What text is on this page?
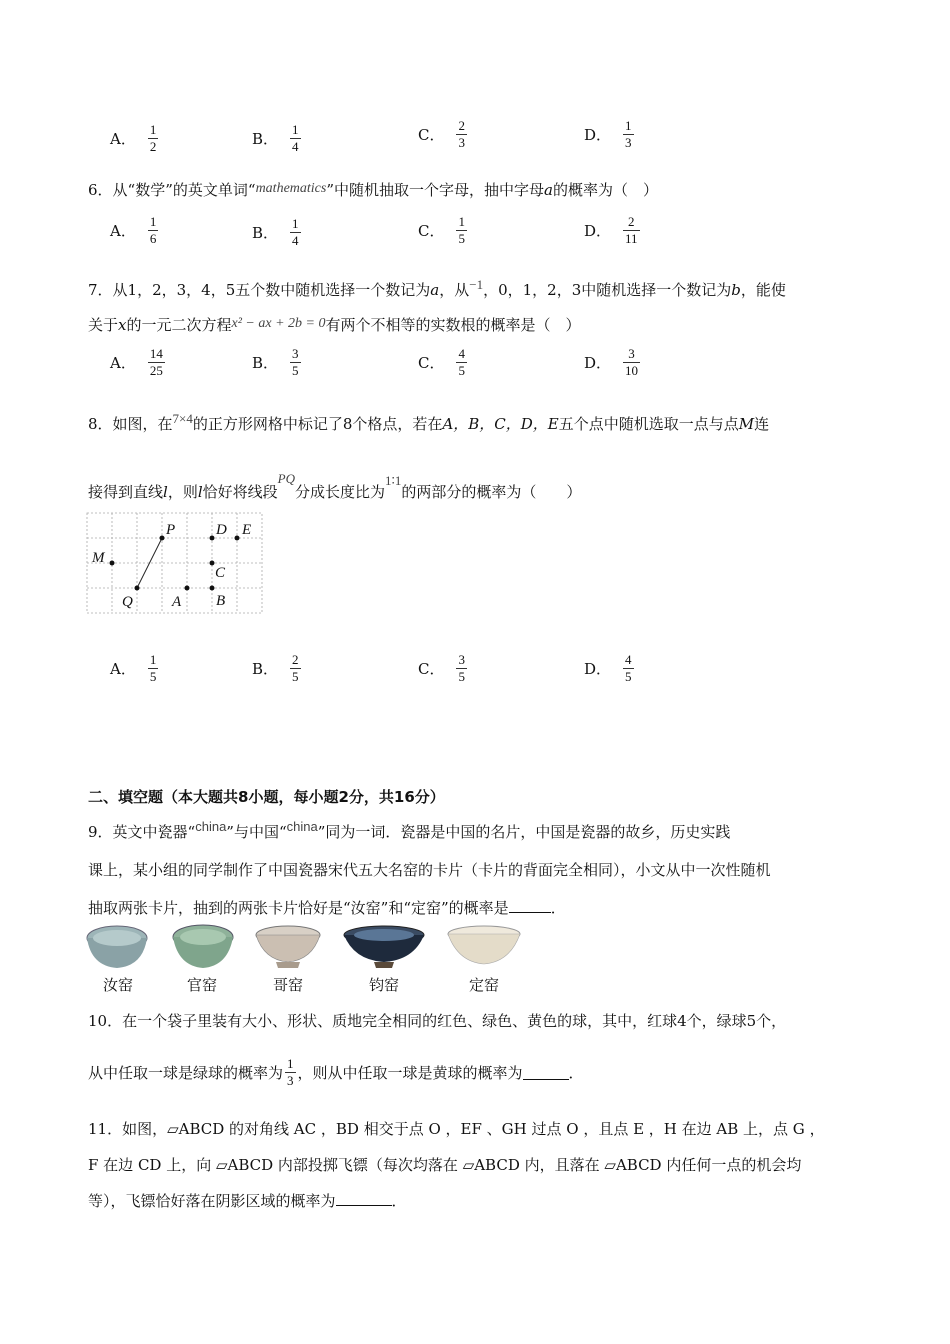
A． $\frac{1}{2}$	B． $\frac{1}{4}$	C． $\frac{2}{3}$	D． $\frac{1}{3}$
6．从“数学”的英文单词“mathematics”中随机抽取一个字母，抽中字母a的概率为（　）
A． $\frac{1}{6}$	B． $\frac{1}{4}$	C． $\frac{1}{5}$	D． $\frac{2}{11}$
7．从1，2，3，4，5五个数中随机选择一个数记为a，从−1，0，1，2，3中随机选择一个数记为b，能使
关于x的一元二次方程x² − ax + 2b = 0有两个不相等的实数根的概率是（　）
A． $\frac{14}{25}$	B． $\frac{3}{5}$	C． $\frac{4}{5}$	D． $\frac{3}{10}$
8．如图，在7×4的正方形网格中标记了8个格点，若在A，B，C，D，E五个点中随机选取一点与点M连
接得到直线l，则l恰好将线段PQ分成长度比为1∶1的两部分的概率为（　　）
P	D E
M
C
Q	A B
A． $\frac{1}{5}$	B． $\frac{2}{5}$	C． $\frac{3}{5}$	D． $\frac{4}{5}$
二、填空题（本大题共8小题，每小题2分，共16分）
9．英文中瓷器“china”与中国“china”同为一词．瓷器是中国的名片，中国是瓷器的故乡，历史实践
课上，某小组的同学制作了中国瓷器宋代五大名窑的卡片（卡片的背面完全相同），小文从中一次性随机
抽取两张卡片，抽到的两张卡片恰好是“汝窑”和“定窑”的概率是	．
汝窑	官窑	哥窑	钧窑	定窑
10．在一个袋子里装有大小、形状、质地完全相同的红色、绿色、黄色的球，其中，红球4个，绿球5个，
从中任取一球是绿球的概率为 $\frac{1}{3}$ ，则从中任取一球是黄球的概率为	．
11．如图，▱ABCD 的对角线 AC ，BD 相交于点 O ，EF 、GH 过点 O ，且点 E ，H 在边 AB 上，点 G ，
F 在边 CD 上，向 ▱ABCD 内部投掷飞镖（每次均落在 ▱ABCD 内，且落在 ▱ABCD 内任何一点的机会均
等），飞镖恰好落在阴影区域的概率为	．
